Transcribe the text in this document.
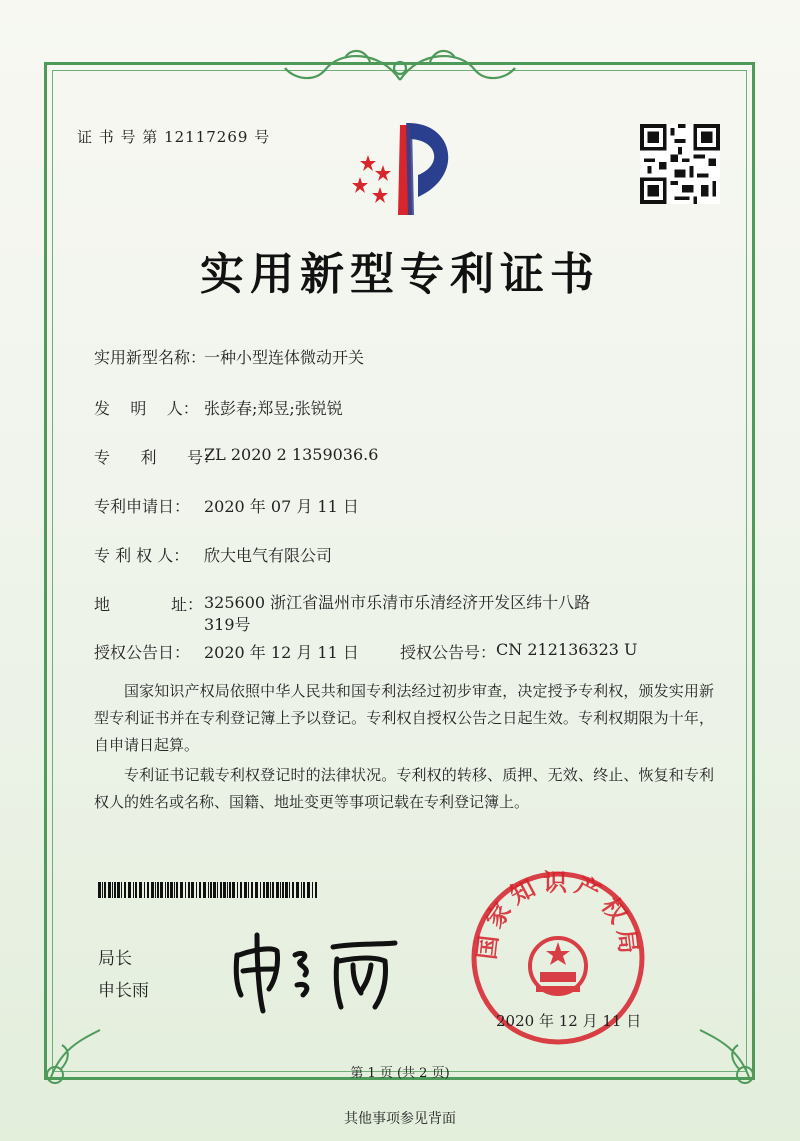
证 书 号 第 12117269 号
实用新型专利证书
实用新型名称：
一种小型连体微动开关
发    明    人： 张彭春;郑昱;张锐锐
专      利      号：
ZL 2020 2 1359036.6
专利申请日： 2020 年 07 月 11 日
专 利 权 人： 欣大电气有限公司
地            址： 325600 浙江省温州市乐清市乐清经济开发区纬十八路 319号
授权公告日： 2020 年 12 月 11 日	授权公告号： CN 212136323 U
国家知识产权局依照中华人民共和国专利法经过初步审查，决定授予专利权，颁发实用新型专利证书并在专利登记簿上予以登记。专利权自授权公告之日起生效。专利权期限为十年，自申请日起算。
专利证书记载专利权登记时的法律状况。专利权的转移、质押、无效、终止、恢复和专利权人的姓名或名称、国籍、地址变更等事项记载在专利登记簿上。
局长
申长雨
国家知识产权局
2020 年 12 月 11 日
第 1 页 (共 2 页)
其他事项参见背面
